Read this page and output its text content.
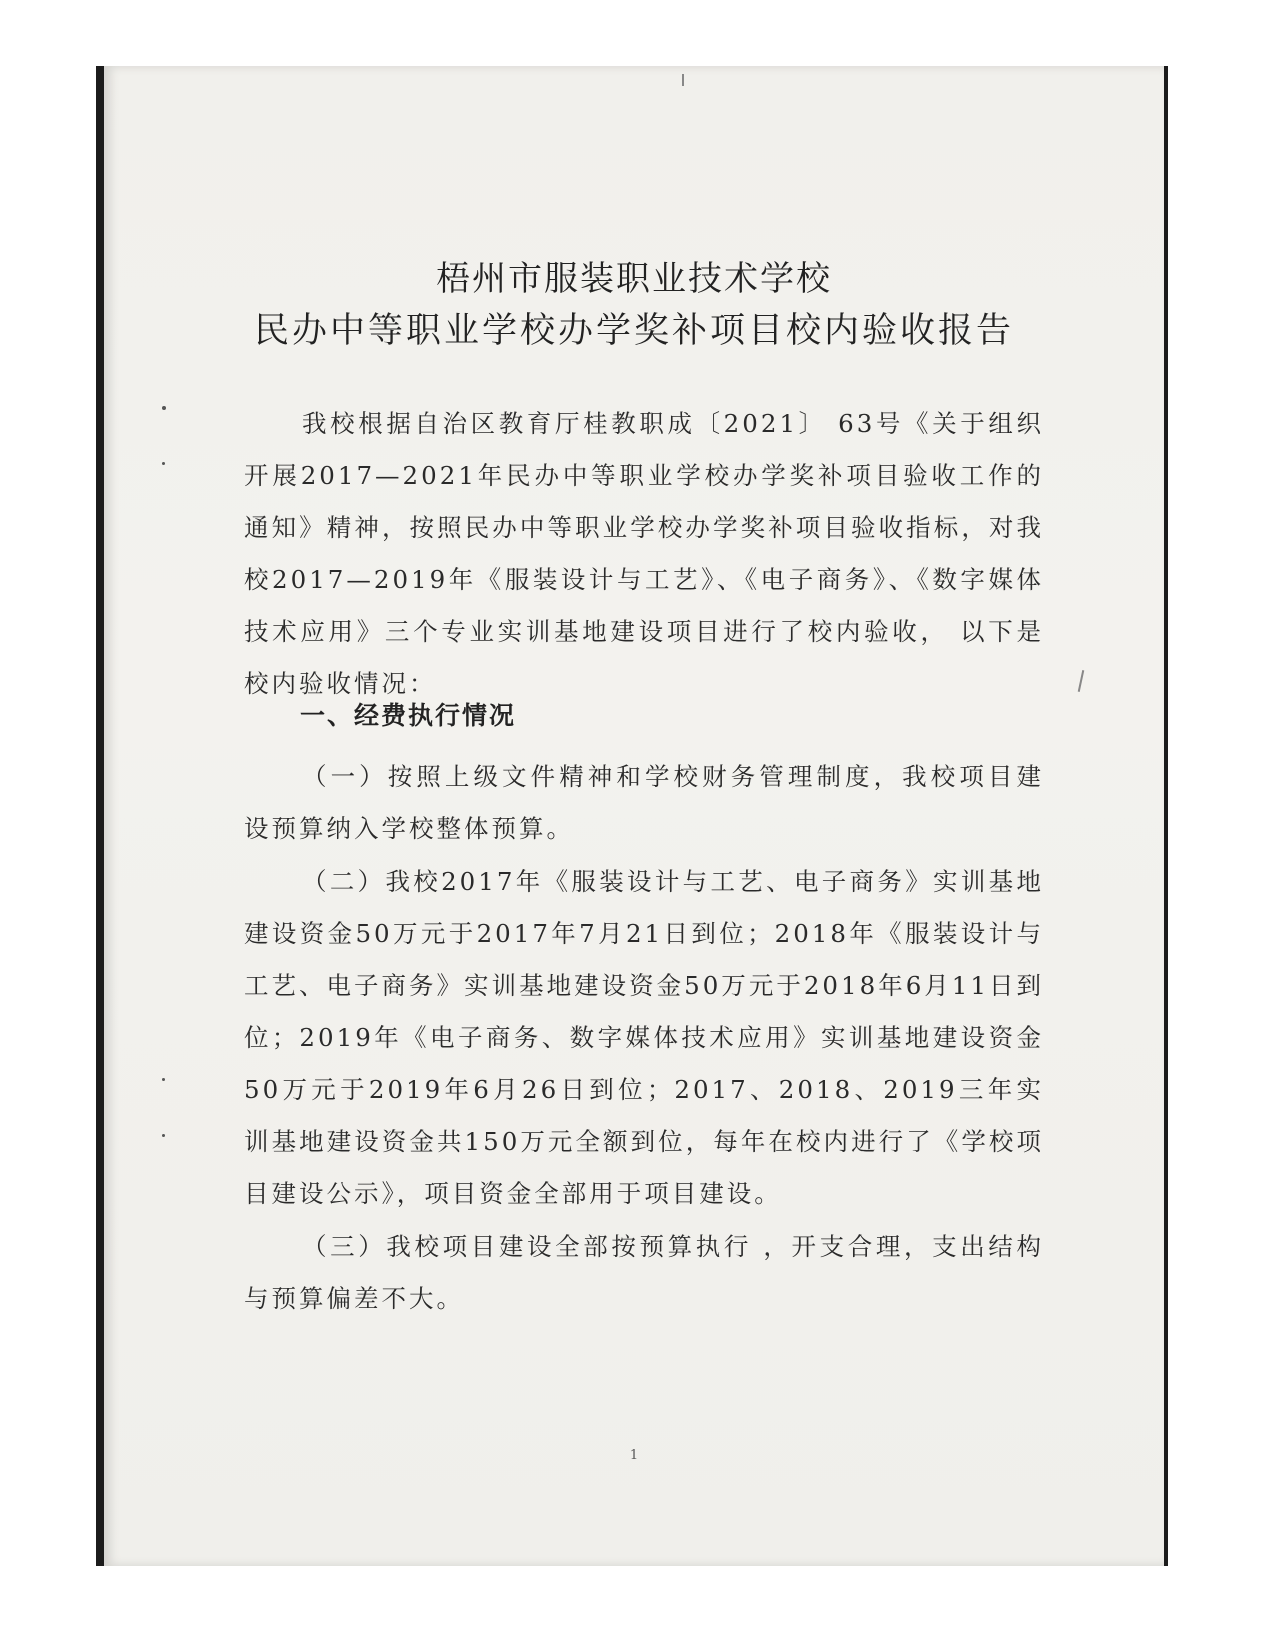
梧州市服装职业技术学校
民办中等职业学校办学奖补项目校内验收报告

我校根据自治区教育厅桂教职成〔2021〕 63号《关于组织开展2017—2021年民办中等职业学校办学奖补项目验收工作的通知》精神，按照民办中等职业学校办学奖补项目验收指标，对我校2017—2019年《服装设计与工艺》、《电子商务》、《数字媒体技术应用》三个专业实训基地建设项目进行了校内验收， 以下是校内验收情况：

一、经费执行情况

（一）按照上级文件精神和学校财务管理制度，我校项目建设预算纳入学校整体预算。

（二）我校2017年《服装设计与工艺、电子商务》实训基地建设资金50万元于2017年7月21日到位；2018年《服装设计与工艺、电子商务》实训基地建设资金50万元于2018年6月11日到位；2019年《电子商务、数字媒体技术应用》实训基地建设资金50万元于2019年6月26日到位；2017、2018、2019三年实训基地建设资金共150万元全额到位，每年在校内进行了《学校项目建设公示》，项目资金全部用于项目建设。

（三）我校项目建设全部按预算执行 ，开支合理，支出结构与预算偏差不大。

1
